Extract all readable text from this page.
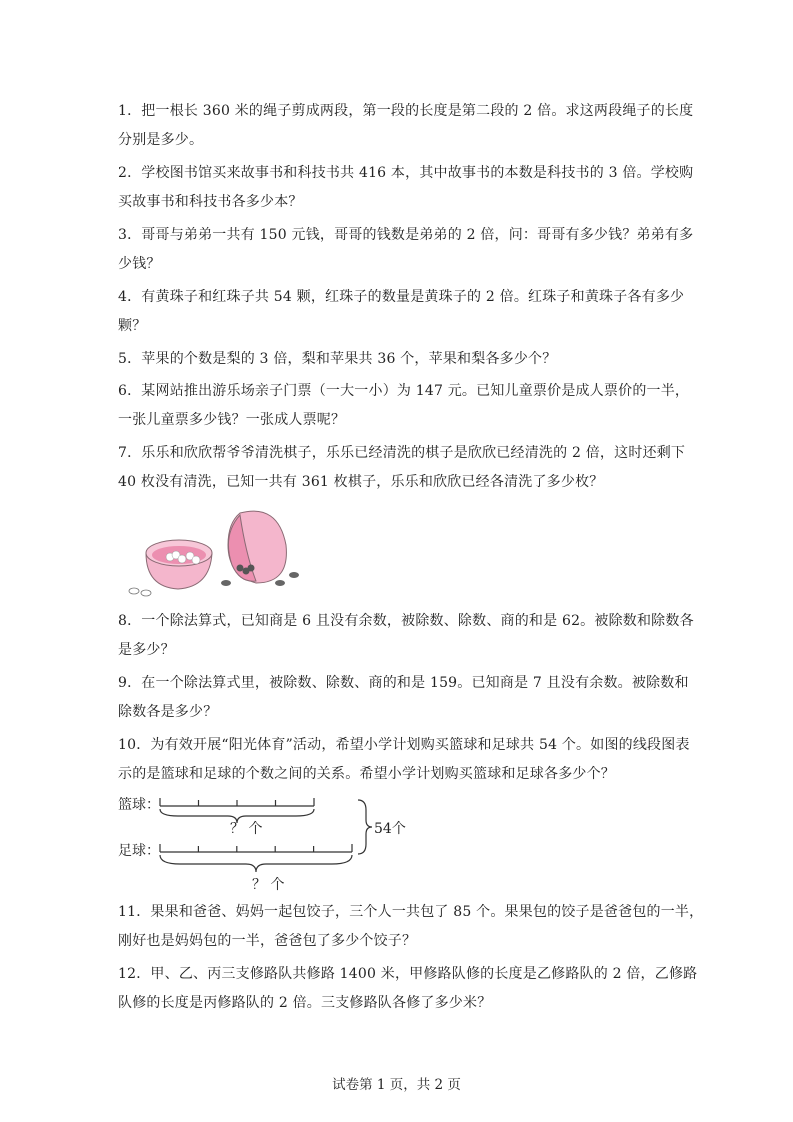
1．把一根长 360 米的绳子剪成两段，第一段的长度是第二段的 2 倍。求这两段绳子的长度
分别是多少。
2．学校图书馆买来故事书和科技书共 416 本，其中故事书的本数是科技书的 3 倍。学校购
买故事书和科技书各多少本？
3．哥哥与弟弟一共有 150 元钱，哥哥的钱数是弟弟的 2 倍，问：哥哥有多少钱？弟弟有多
少钱？
4．有黄珠子和红珠子共 54 颗，红珠子的数量是黄珠子的 2 倍。红珠子和黄珠子各有多少
颗？
5．苹果的个数是梨的 3 倍，梨和苹果共 36 个，苹果和梨各多少个？
6．某网站推出游乐场亲子门票（一大一小）为 147 元。已知儿童票价是成人票价的一半，
一张儿童票多少钱？一张成人票呢？
7．乐乐和欣欣帮爷爷清洗棋子，乐乐已经清洗的棋子是欣欣已经清洗的 2 倍，这时还剩下
40 枚没有清洗，已知一共有 361 枚棋子，乐乐和欣欣已经各清洗了多少枚？
8．一个除法算式，已知商是 6 且没有余数，被除数、除数、商的和是 62。被除数和除数各
是多少？
9．在一个除法算式里，被除数、除数、商的和是 159。已知商是 7 且没有余数。被除数和
除数各是多少？
10．为有效开展“阳光体育”活动，希望小学计划购买篮球和足球共 54 个。如图的线段图表
示的是篮球和足球的个数之间的关系。希望小学计划购买篮球和足球各多少个？
篮球：
足球：
？ 个
？ 个
54个
11．果果和爸爸、妈妈一起包饺子，三个人一共包了 85 个。果果包的饺子是爸爸包的一半，
刚好也是妈妈包的一半，爸爸包了多少个饺子？
12．甲、乙、丙三支修路队共修路 1400 米，甲修路队修的长度是乙修路队的 2 倍，乙修路
队修的长度是丙修路队的 2 倍。三支修路队各修了多少米？
试卷第 1 页，共 2 页
